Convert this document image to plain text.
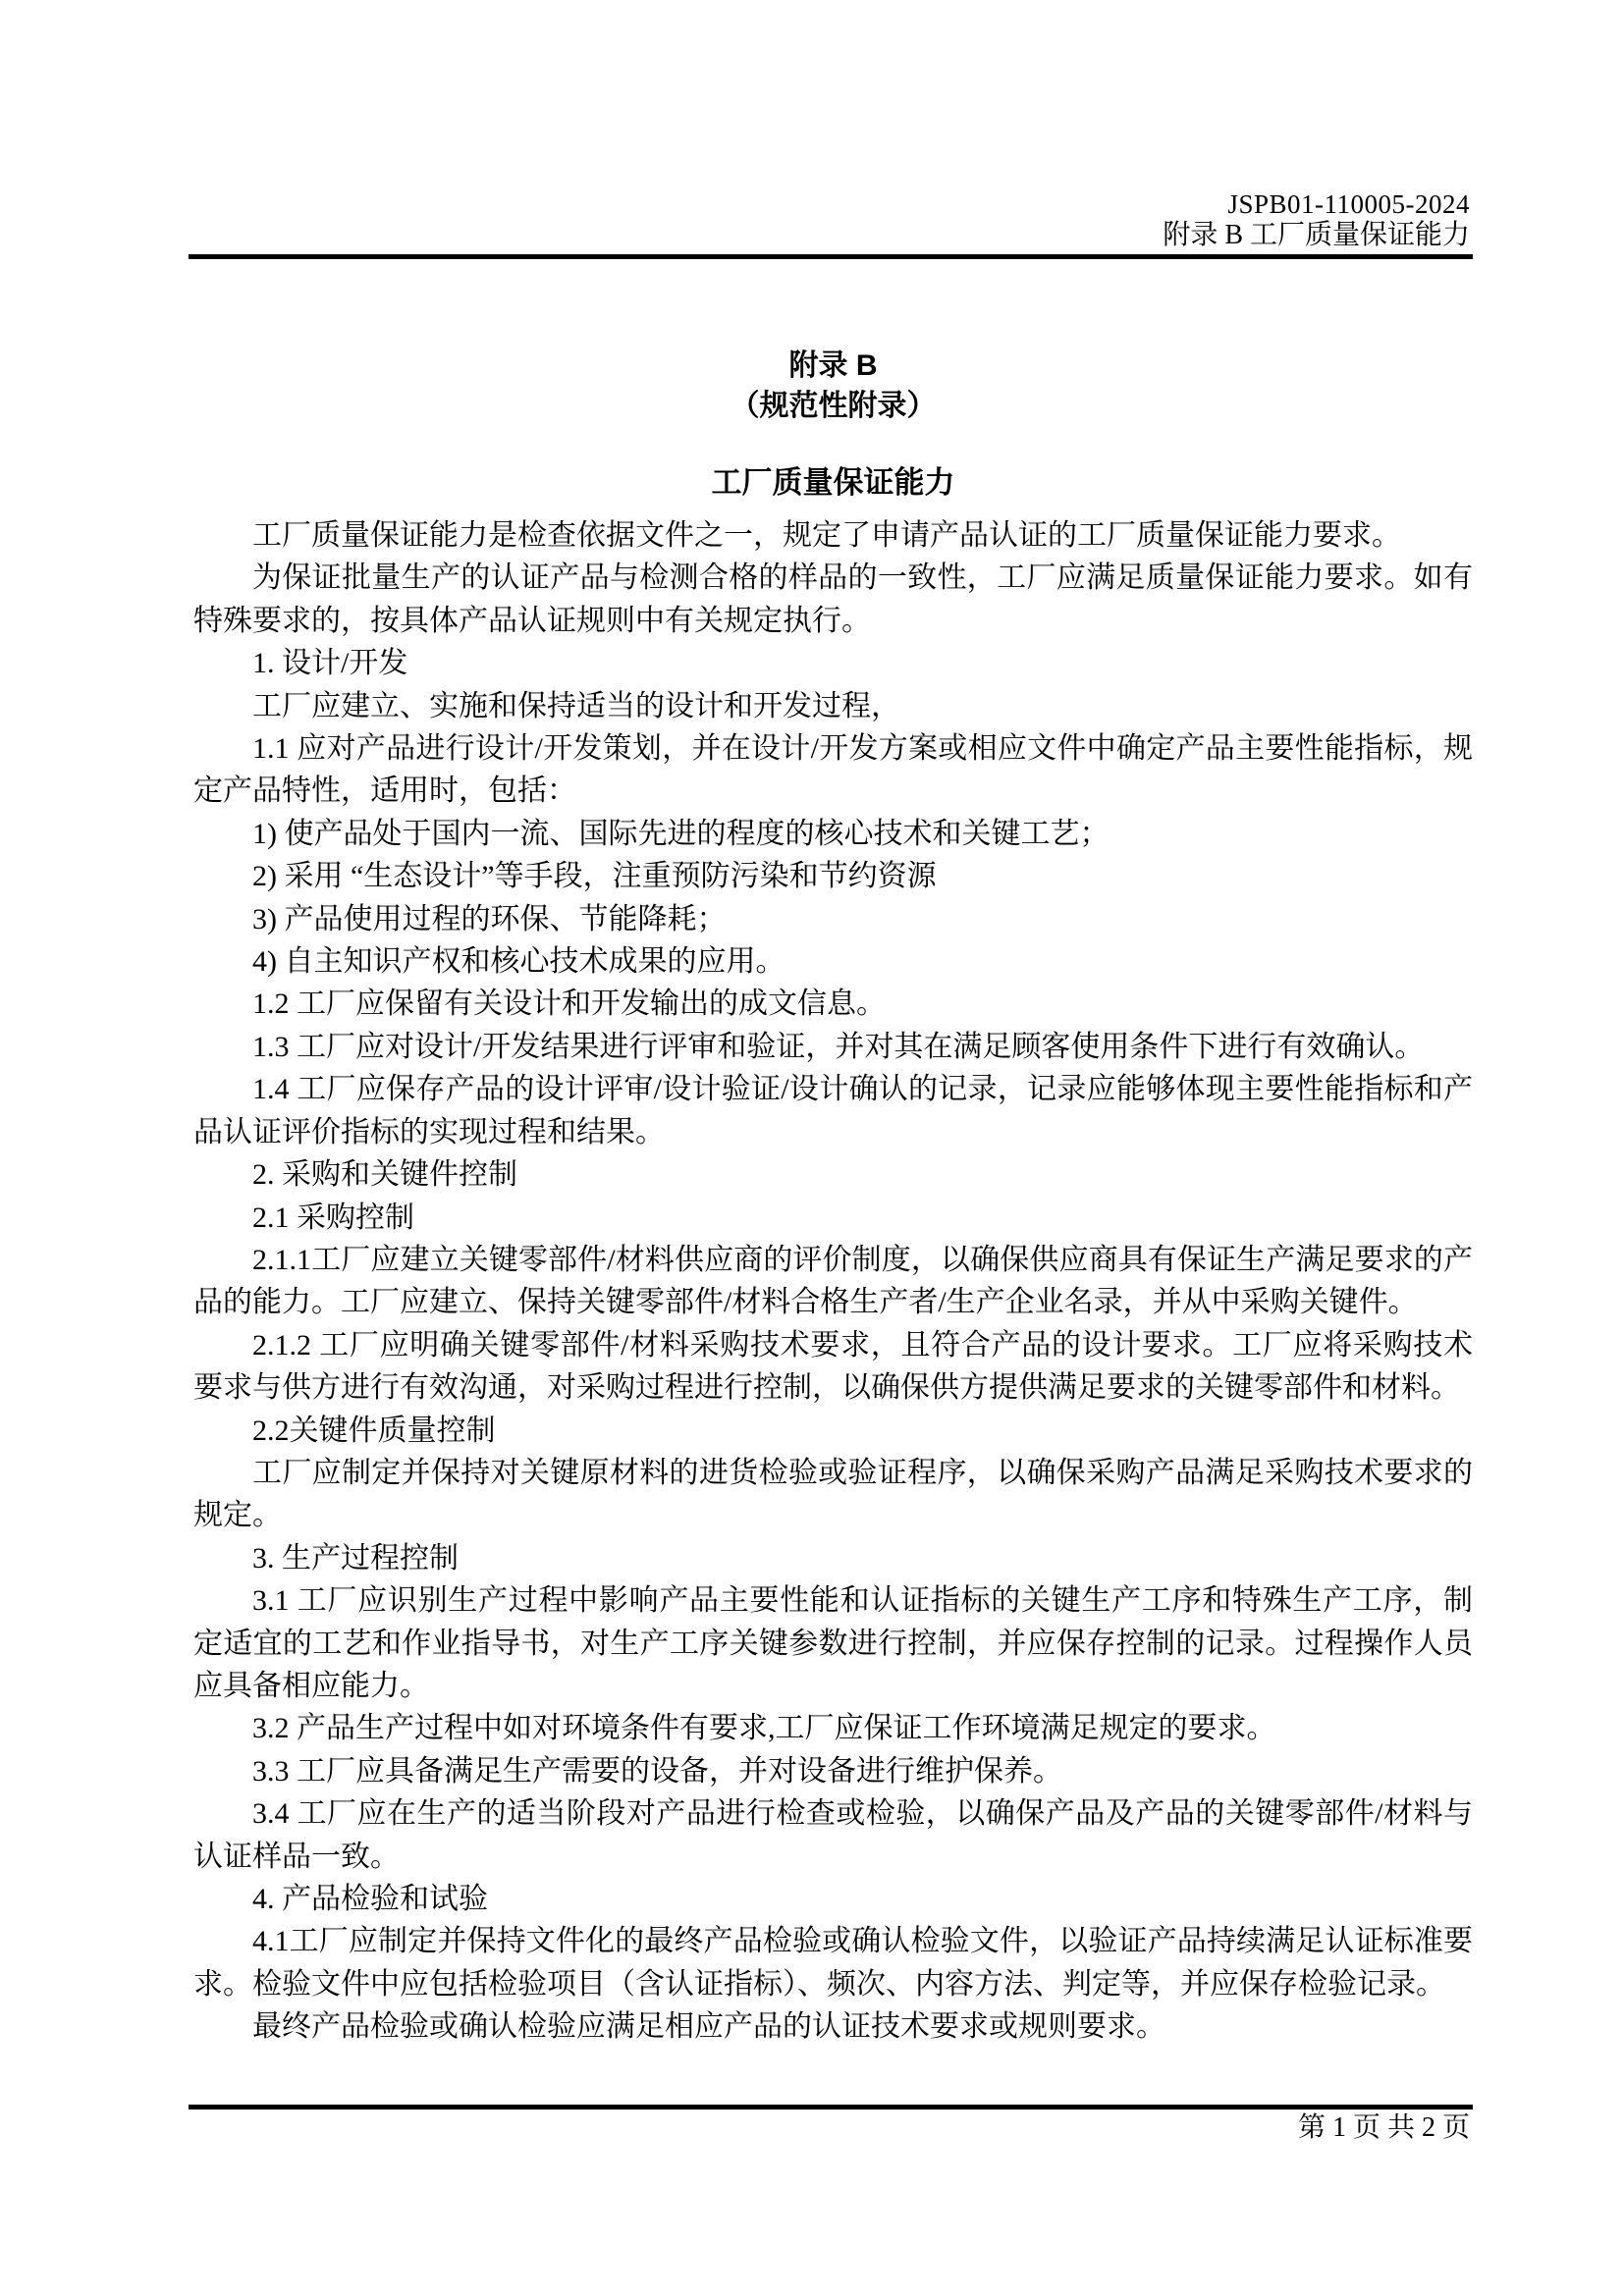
JSPB01-110005-2024
附录 B 工厂质量保证能力
附录 B
（规范性附录）
工厂质量保证能力

工厂质量保证能力是检查依据文件之一，规定了申请产品认证的工厂质量保证能力要求。

为保证批量生产的认证产品与检测合格的样品的一致性，工厂应满足质量保证能力要求。如有特殊要求的，按具体产品认证规则中有关规定执行。

1. 设计/开发

工厂应建立、实施和保持适当的设计和开发过程，

1.1 应对产品进行设计/开发策划，并在设计/开发方案或相应文件中确定产品主要性能指标，规定产品特性，适用时，包括：

1) 使产品处于国内一流、国际先进的程度的核心技术和关键工艺；

2) 采用 “生态设计”等手段，注重预防污染和节约资源

3) 产品使用过程的环保、节能降耗；

4) 自主知识产权和核心技术成果的应用。

1.2 工厂应保留有关设计和开发输出的成文信息。

1.3 工厂应对设计/开发结果进行评审和验证，并对其在满足顾客使用条件下进行有效确认。

1.4 工厂应保存产品的设计评审/设计验证/设计确认的记录，记录应能够体现主要性能指标和产品认证评价指标的实现过程和结果。

2. 采购和关键件控制

2.1 采购控制

2.1.1工厂应建立关键零部件/材料供应商的评价制度，以确保供应商具有保证生产满足要求的产品的能力。工厂应建立、保持关键零部件/材料合格生产者/生产企业名录，并从中采购关键件。

2.1.2 工厂应明确关键零部件/材料采购技术要求，且符合产品的设计要求。工厂应将采购技术要求与供方进行有效沟通，对采购过程进行控制，以确保供方提供满足要求的关键零部件和材料。

2.2关键件质量控制

工厂应制定并保持对关键原材料的进货检验或验证程序，以确保采购产品满足采购技术要求的规定。

3. 生产过程控制

3.1 工厂应识别生产过程中影响产品主要性能和认证指标的关键生产工序和特殊生产工序，制定适宜的工艺和作业指导书，对生产工序关键参数进行控制，并应保存控制的记录。过程操作人员应具备相应能力。

3.2 产品生产过程中如对环境条件有要求,工厂应保证工作环境满足规定的要求。

3.3 工厂应具备满足生产需要的设备，并对设备进行维护保养。

3.4 工厂应在生产的适当阶段对产品进行检查或检验，以确保产品及产品的关键零部件/材料与认证样品一致。

4. 产品检验和试验

4.1工厂应制定并保持文件化的最终产品检验或确认检验文件，以验证产品持续满足认证标准要求。检验文件中应包括检验项目（含认证指标）、频次、内容方法、判定等，并应保存检验记录。

最终产品检验或确认检验应满足相应产品的认证技术要求或规则要求。

第 1 页 共 2 页
